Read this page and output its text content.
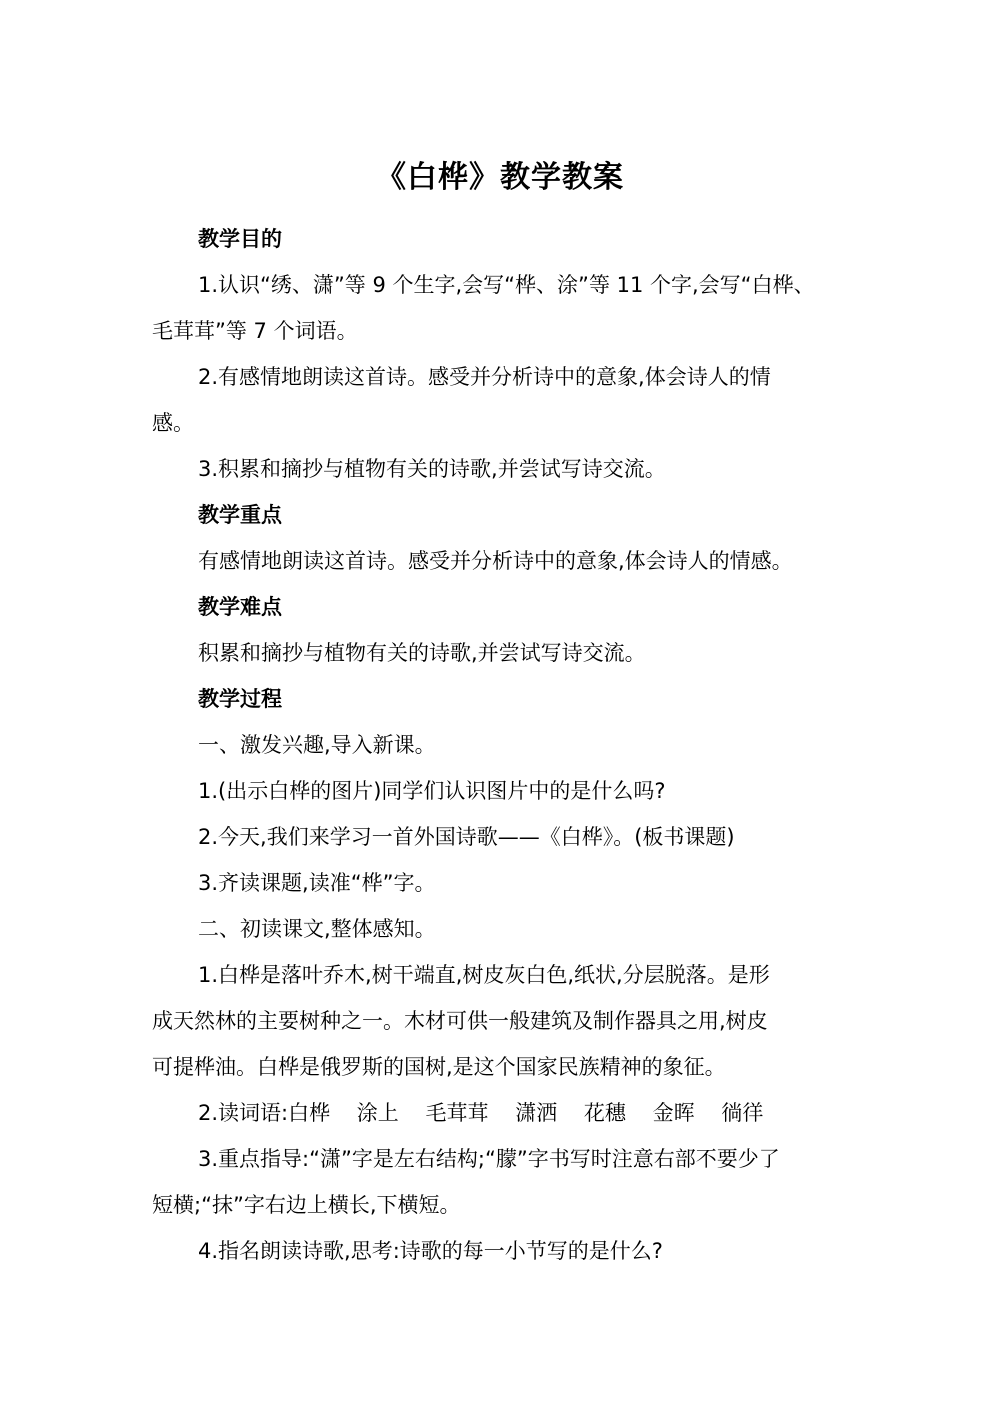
《白桦》教学教案
教学目的
1.认识“绣、潇”等 9 个生字,会写“桦、涂”等 11 个字,会写“白桦、
毛茸茸”等 7 个词语。
2.有感情地朗读这首诗。感受并分析诗中的意象,体会诗人的情
感。
3.积累和摘抄与植物有关的诗歌,并尝试写诗交流。
教学重点
有感情地朗读这首诗。感受并分析诗中的意象,体会诗人的情感。
教学难点
积累和摘抄与植物有关的诗歌,并尝试写诗交流。
教学过程
一、激发兴趣,导入新课。
1.(出示白桦的图片)同学们认识图片中的是什么吗?
2.今天,我们来学习一首外国诗歌——《白桦》。(板书课题)
3.齐读课题,读准“桦”字。
二、初读课文,整体感知。
1.白桦是落叶乔木,树干端直,树皮灰白色,纸状,分层脱落。是形
成天然林的主要树种之一。木材可供一般建筑及制作器具之用,树皮
可提桦油。白桦是俄罗斯的国树,是这个国家民族精神的象征。
2.读词语:白桦    涂上    毛茸茸    潇洒    花穗    金晖    徜徉
3.重点指导:“潇”字是左右结构;“朦”字书写时注意右部不要少了
短横;“抹”字右边上横长,下横短。
4.指名朗读诗歌,思考:诗歌的每一小节写的是什么?
